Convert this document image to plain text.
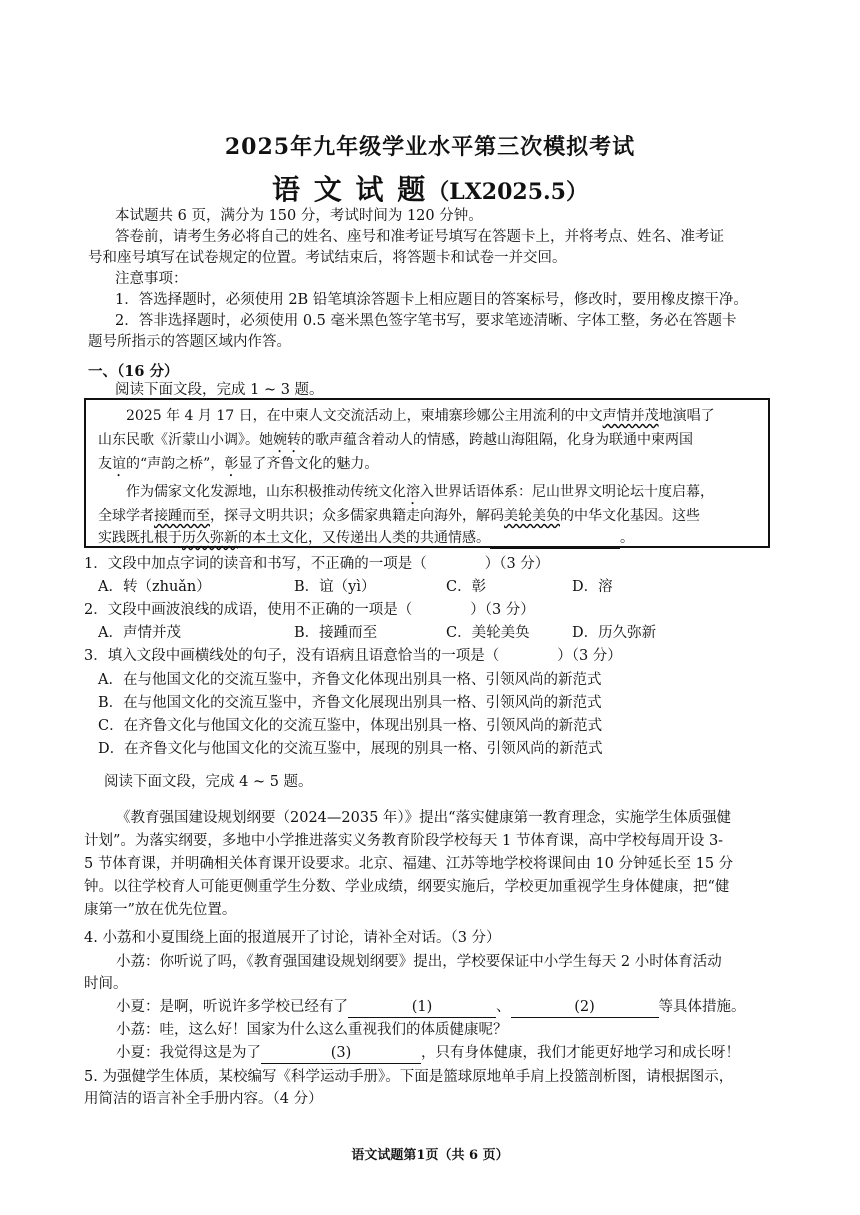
2025年九年级学业水平第三次模拟考试
语 文 试 题（LX2025.5）
本试题共 6 页，满分为 150 分，考试时间为 120 分钟。
答卷前，请考生务必将自己的姓名、座号和准考证号填写在答题卡上，并将考点、姓名、准考证
号和座号填写在试卷规定的位置。考试结束后，将答题卡和试卷一并交回。
注意事项：
1．答选择题时，必须使用 2B 铅笔填涂答题卡上相应题目的答案标号，修改时，要用橡皮擦干净。
2．答非选择题时，必须使用 0.5 毫米黑色签字笔书写，要求笔迹清晰、字体工整，务必在答题卡
题号所指示的答题区域内作答。
一、（16 分）
阅读下面文段，完成 1 ~ 3 题。
2025 年 4 月 17 日，在中柬人文交流活动上，柬埔寨珍娜公主用流利的中文声情并茂地演唱了
山东民歌《沂蒙山小调》。她婉转的歌声蕴含着动人的情感，跨越山海阻隔，化身为联通中柬两国
友谊的“声韵之桥”，彰显了齐鲁文化的魅力。
作为儒家文化发源地，山东积极推动传统文化溶入世界话语体系：尼山世界文明论坛十度启幕，
全球学者接踵而至，探寻文明共识；众多儒家典籍走向海外，解码美轮美奂的中华文化基因。这些
实践既扎根于历久弥新的本土文化，又传递出人类的共通情感。	。
1．文段中加点字词的读音和书写，不正确的一项是（　　　　）（3 分）
A．转（zhuǎn）	B．谊（yì）	C．彰	D．溶
2．文段中画波浪线的成语，使用不正确的一项是（　　　　）（3 分）
A．声情并茂	B．接踵而至	C．美轮美奂	D．历久弥新
3．填入文段中画横线处的句子，没有语病且语意恰当的一项是（　　　　）（3 分）
A．在与他国文化的交流互鉴中，齐鲁文化体现出别具一格、引领风尚的新范式
B．在与他国文化的交流互鉴中，齐鲁文化展现出别具一格、引领风尚的新范式
C．在齐鲁文化与他国文化的交流互鉴中，体现出别具一格、引领风尚的新范式
D．在齐鲁文化与他国文化的交流互鉴中，展现的别具一格、引领风尚的新范式
阅读下面文段，完成 4 ~ 5 题。
《教育强国建设规划纲要（2024—2035 年）》提出“落实健康第一教育理念，实施学生体质强健
计划”。为落实纲要，多地中小学推进落实义务教育阶段学校每天 1 节体育课，高中学校每周开设 3-
5 节体育课，并明确相关体育课开设要求。北京、福建、江苏等地学校将课间由 10 分钟延长至 15 分
钟。以往学校育人可能更侧重学生分数、学业成绩，纲要实施后，学校更加重视学生身体健康，把“健
康第一”放在优先位置。
4. 小荔和小夏围绕上面的报道展开了讨论，请补全对话。（3 分）
小荔：你听说了吗，《教育强国建设规划纲要》提出，学校要保证中小学生每天 2 小时体育活动
时间。
小夏：是啊，听说许多学校已经有了	(1)	、	(2)	等具体措施。
小荔：哇，这么好！国家为什么这么重视我们的体质健康呢？
小夏：我觉得这是为了	(3)	，只有身体健康，我们才能更好地学习和成长呀！
5. 为强健学生体质，某校编写《科学运动手册》。下面是篮球原地单手肩上投篮剖析图，请根据图示，
用简洁的语言补全手册内容。（4 分）
语文试题第1页（共 6 页）
